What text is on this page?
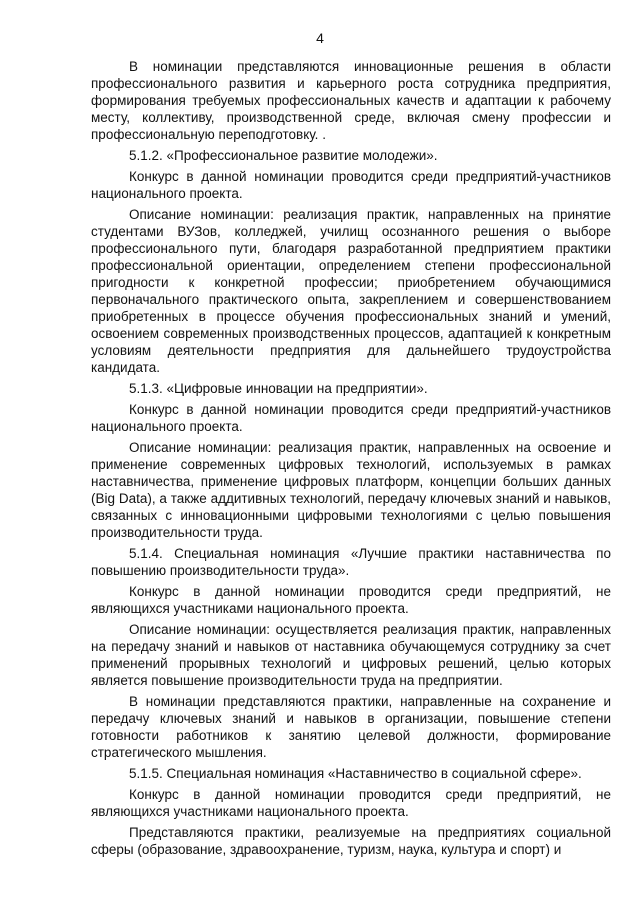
4

В номинации представляются инновационные решения в области профессионального развития и карьерного роста сотрудника предприятия, формирования требуемых профессиональных качеств и адаптации к рабочему месту, коллективу, производственной среде, включая смену профессии и профессиональную переподготовку. .

5.1.2. «Профессиональное развитие молодежи».

Конкурс в данной номинации проводится среди предприятий-участников национального проекта.

Описание номинации: реализация практик, направленных на принятие студентами ВУЗов, колледжей, училищ осознанного решения о выборе профессионального пути, благодаря разработанной предприятием практики профессиональной ориентации, определением степени профессиональной пригодности к конкретной профессии; приобретением обучающимися первоначального практического опыта, закреплением и совершенствованием приобретенных в процессе обучения профессиональных знаний и умений, освоением современных производственных процессов, адаптацией к конкретным условиям деятельности предприятия для дальнейшего трудоустройства кандидата.

5.1.3. «Цифровые инновации на предприятии».

Конкурс в данной номинации проводится среди предприятий-участников национального проекта.

Описание номинации: реализация практик, направленных на освоение и применение современных цифровых технологий, используемых в рамках наставничества, применение цифровых платформ, концепции больших данных (Big Data), а также аддитивных технологий, передачу ключевых знаний и навыков, связанных с инновационными цифровыми технологиями с целью повышения производительности труда.

5.1.4. Специальная номинация «Лучшие практики наставничества по повышению производительности труда».

Конкурс в данной номинации проводится среди предприятий, не являющихся участниками национального проекта.

Описание номинации: осуществляется реализация практик, направленных на передачу знаний и навыков от наставника обучающемуся сотруднику за счет применений прорывных технологий и цифровых решений, целью которых является повышение производительности труда на предприятии.

В номинации представляются практики, направленные на сохранение и передачу ключевых знаний и навыков в организации, повышение степени готовности работников к занятию целевой должности, формирование стратегического мышления.

5.1.5. Специальная номинация «Наставничество в социальной сфере».

Конкурс в данной номинации проводится среди предприятий, не являющихся участниками национального проекта.

Представляются практики, реализуемые на предприятиях социальной сферы (образование, здравоохранение, туризм, наука, культура и спорт) и
